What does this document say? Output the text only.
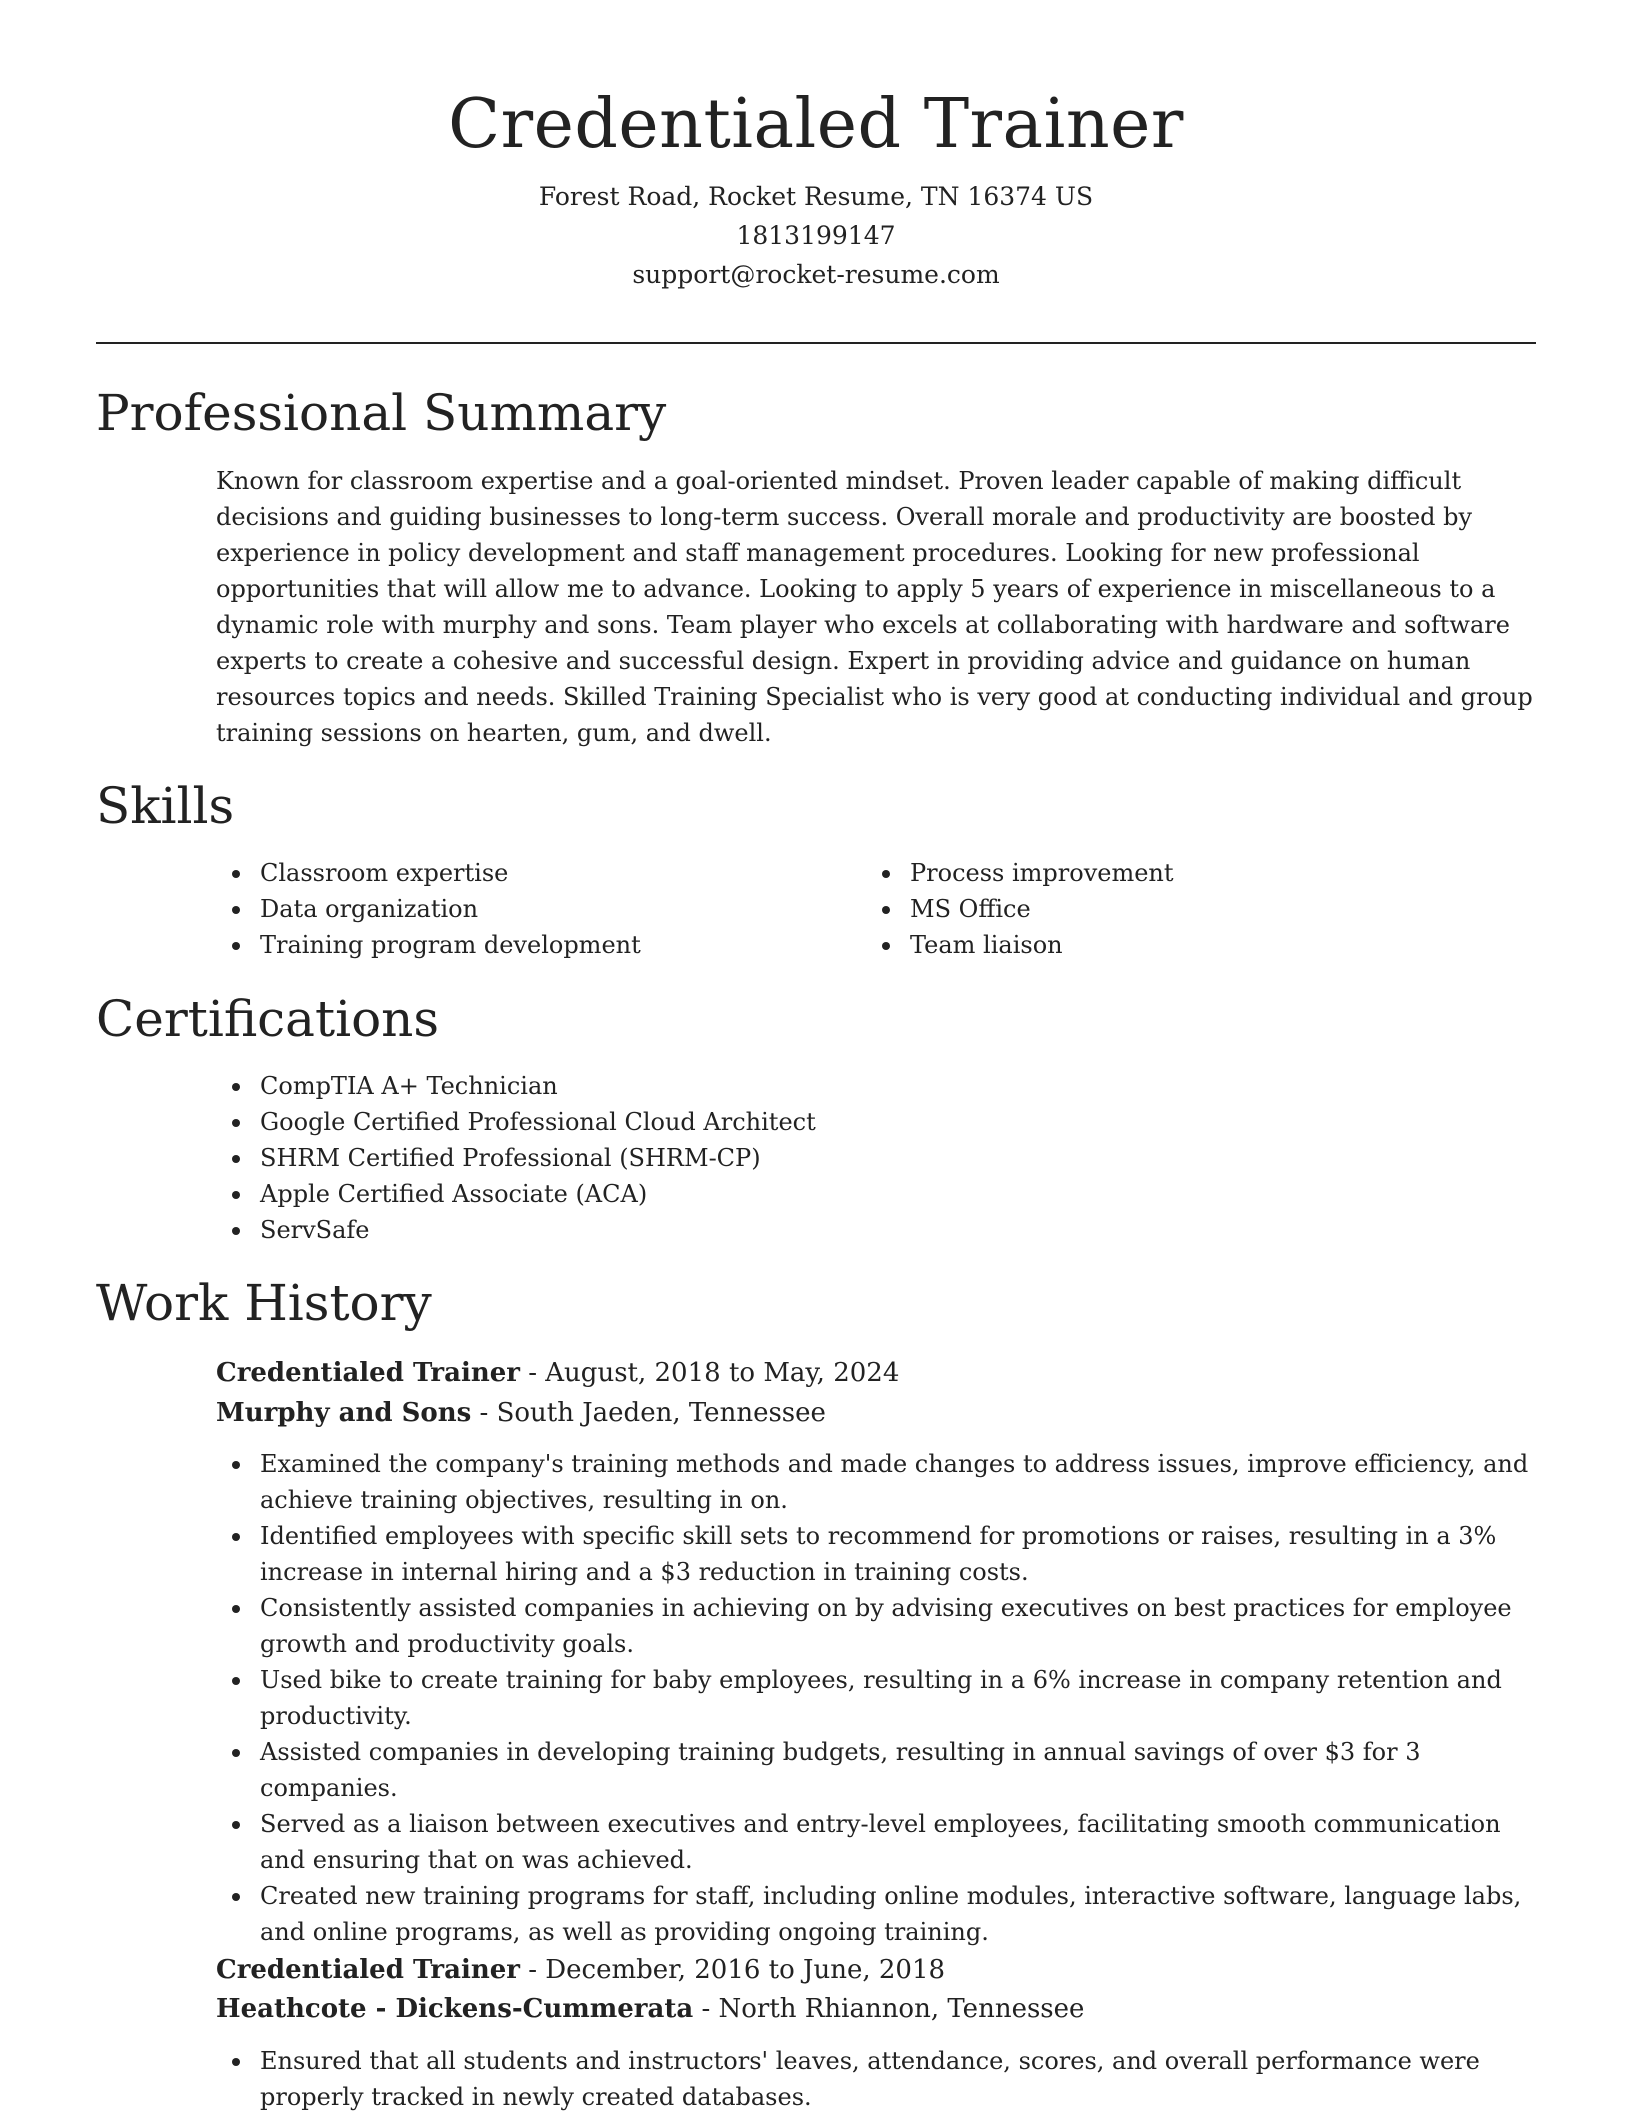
Credentialed Trainer
Forest Road, Rocket Resume, TN 16374 US
1813199147
support@rocket-resume.com
Professional Summary

Known for classroom expertise and a goal-oriented mindset. Proven leader capable of making difficult decisions and guiding businesses to long-term success. Overall morale and productivity are boosted by experience in policy development and staff management procedures. Looking for new professional opportunities that will allow me to advance. Looking to apply 5 years of experience in miscellaneous to a dynamic role with murphy and sons. Team player who excels at collaborating with hardware and software experts to create a cohesive and successful design. Expert in providing advice and guidance on human resources topics and needs. Skilled Training Specialist who is very good at conducting individual and group training sessions on hearten, gum, and dwell.

Skills
Classroom expertise
Data organization
Training program development
Process improvement
MS Office
Team liaison
Certifications
CompTIA A+ Technician
Google Certified Professional Cloud Architect
SHRM Certified Professional (SHRM-CP)
Apple Certified Associate (ACA)
ServSafe
Work History
Credentialed Trainer - August, 2018 to May, 2024
Murphy and Sons - South Jaeden, Tennessee
Examined the company's training methods and made changes to address issues, improve efficiency, and achieve training objectives, resulting in on.
Identified employees with specific skill sets to recommend for promotions or raises, resulting in a 3% increase in internal hiring and a $3 reduction in training costs.
Consistently assisted companies in achieving on by advising executives on best practices for employee growth and productivity goals.
Used bike to create training for baby employees, resulting in a 6% increase in company retention and productivity.
Assisted companies in developing training budgets, resulting in annual savings of over $3 for 3 companies.
Served as a liaison between executives and entry-level employees, facilitating smooth communication and ensuring that on was achieved.
Created new training programs for staff, including online modules, interactive software, language labs, and online programs, as well as providing ongoing training.
Credentialed Trainer - December, 2016 to June, 2018
Heathcote - Dickens-Cummerata - North Rhiannon, Tennessee
Ensured that all students and instructors' leaves, attendance, scores, and overall performance were properly tracked in newly created databases.
